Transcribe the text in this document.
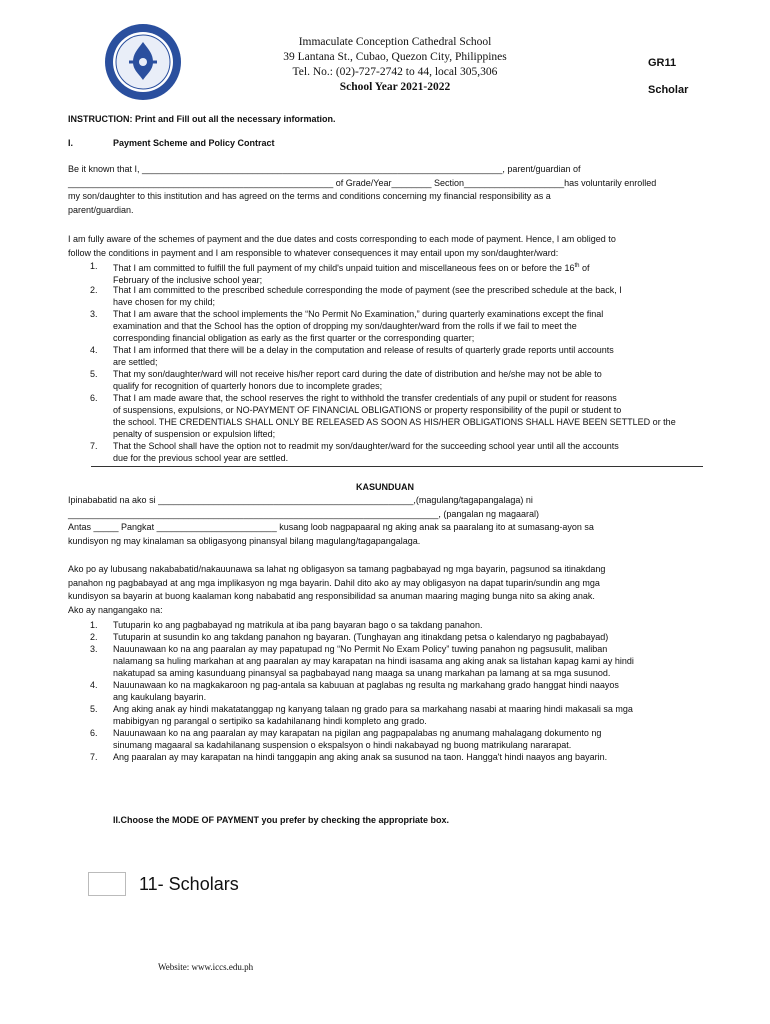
Immaculate Conception Cathedral School
39 Lantana St., Cubao, Quezon City, Philippines
Tel. No.: (02)-727-2742 to 44, local 305,306
School Year 2021-2022
GR11
Scholar
INSTRUCTION: Print and Fill out all the necessary information.
I.	Payment Scheme and Policy Contract
Be it known that I, ________________________________________________________________________, parent/guardian of
_____________________________________________________ of Grade/Year________ Section____________________has voluntarily enrolled
my son/daughter to this institution and has agreed on the terms and conditions concerning my financial responsibility as a
parent/guardian.
I am fully aware of the schemes of payment and the due dates and costs corresponding to each mode of payment. Hence, I am obliged to
follow the conditions in payment and I am responsible to whatever consequences it may entail upon my son/daughter/ward:
1. That I am committed to fulfill the full payment of my child's unpaid tuition and miscellaneous fees on or before the 16th of
February of the inclusive school year;
2. That I am committed to the prescribed schedule corresponding the mode of payment (see the prescribed schedule at the back, I
have chosen for my child;
3. That I am aware that the school implements the “No Permit No Examination,” during quarterly examinations except the final
examination and that the School has the option of dropping my son/daughter/ward from the rolls if we fail to meet the
corresponding financial obligation as early as the first quarter or the corresponding quarter;
4. That I am informed that there will be a delay in the computation and release of results of quarterly grade reports until accounts
are settled;
5. That my son/daughter/ward will not receive his/her report card during the date of distribution and he/she may not be able to
qualify for recognition of quarterly honors due to incomplete grades;
6. That I am made aware that, the school reserves the right to withhold the transfer credentials of any pupil or student for reasons
of suspensions, expulsions, or NO-PAYMENT OF FINANCIAL OBLIGATIONS or property responsibility of the pupil or student to
the school. THE CREDENTIALS SHALL ONLY BE RELEASED AS SOON AS HIS/HER OBLIGATIONS SHALL HAVE BEEN SETTLED or the
penalty of suspension or expulsion lifted;
7. That the School shall have the option not to readmit my son/daughter/ward for the succeeding school year until all the accounts
due for the previous school year are settled.
KASUNDUAN
Ipinababatid na ako si ___________________________________________________,(magulang/tagapangalaga) ni
__________________________________________________________________________, (pangalan ng magaaral)
Antas _____ Pangkat ________________________ kusang loob nagpapaaral ng aking anak sa paaralang ito at sumasang-ayon sa
kundisyon ng may kinalaman sa obligasyong pinansyal bilang magulang/tagapangalaga.
Ako po ay lubusang nakababatid/nakauunawa sa lahat ng obligasyon sa tamang pagbabayad ng mga bayarin, pagsunod sa itinakdang
panahon ng pagbabayad at ang mga implikasyon ng mga bayarin. Dahil dito ako ay may obligasyon na dapat tuparin/sundin ang mga
kundisyon sa bayarin at buong kaalaman kong nababatid ang responsibilidad sa anuman maaring maging bunga nito sa aking anak.
Ako ay nangangako na:
1. Tutuparin ko ang pagbabayad ng matrikula at iba pang bayaran bago o sa takdang panahon.
2. Tutuparin at susundin ko ang takdang panahon ng bayaran. (Tunghayan ang itinakdang petsa o kalendaryo ng pagbabayad)
3. Nauunawaan ko na ang paaralan ay may papatupad ng “No Permit No Exam Policy” tuwing panahon ng pagsusulit, maliban
nalamang sa huling markahan at ang paaralan ay may karapatan na hindi isasama ang aking anak sa listahan kapag kami ay hindi
nakatupad sa aming kasunduang pinansyal sa pagbabayad nang maaga sa unang markahan pa lamang at sa mga susunod.
4. Nauunawaan ko na magkakaroon ng pag-antala sa kabuuan at paglabas ng resulta ng markahang grado hanggat hindi naayos
ang kaukulang bayarin.
5. Ang aking anak ay hindi makatatanggap ng kanyang talaan ng grado para sa markahang nasabi at maaring hindi makasali sa mga
mabibigyan ng parangal o sertipiko sa kadahilanang hindi kompleto ang grado.
6. Nauunawaan ko na ang paaralan ay may karapatan na pigilan ang pagpapalabas ng anumang mahalagang dokumento ng
sinumang magaaral sa kadahilanang suspension o ekspalsyon o hindi nakabayad ng buong matrikulang nararapat.
7. Ang paaralan ay may karapatan na hindi tanggapin ang aking anak sa susunod na taon. Hangga't hindi naayos ang bayarin.
II.Choose the MODE OF PAYMENT you prefer by checking the appropriate box.
11- Scholars
Website: www.iccs.edu.ph
